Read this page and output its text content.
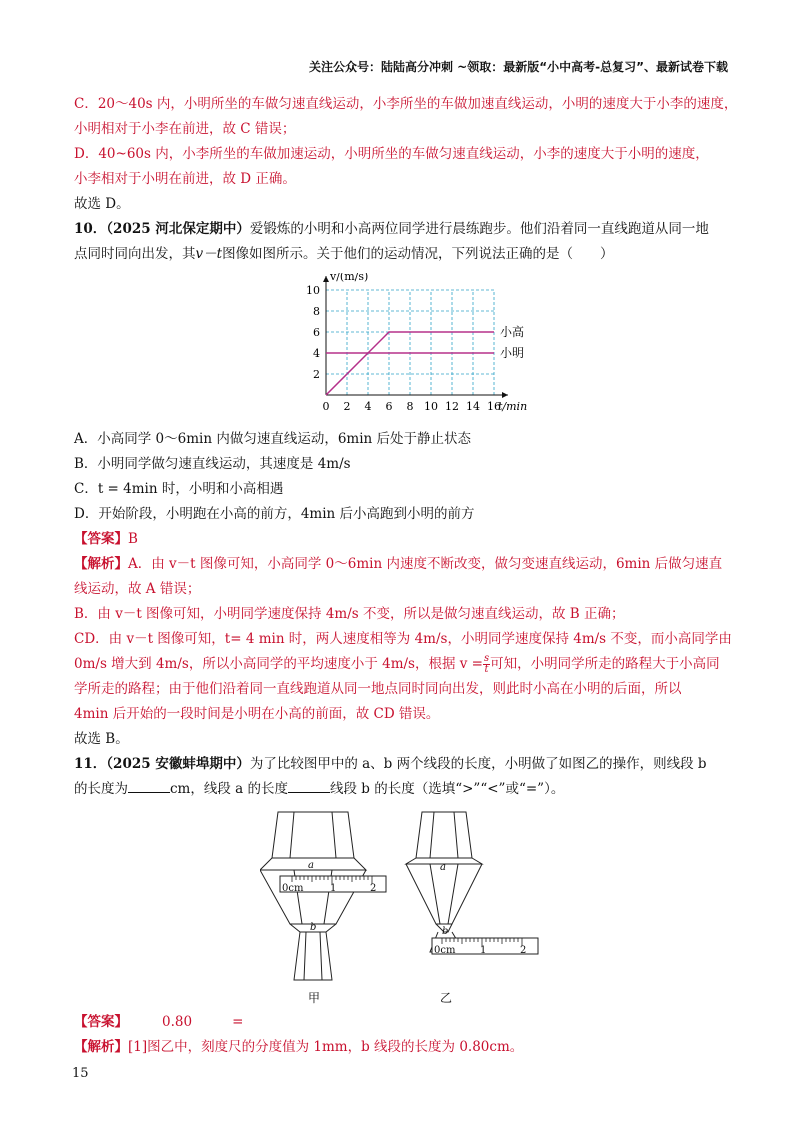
关注公众号：陆陆高分冲刺 ~领取：最新版“小中高考-总复习”、最新试卷下载
C．20～40s 内，小明所坐的车做匀速直线运动，小李所坐的车做加速直线运动，小明的速度大于小李的速度，
小明相对于小李在前进，故 C 错误；
D．40~60s 内，小李所坐的车做加速运动，小明所坐的车做匀速直线运动，小李的速度大于小明的速度，
小李相对于小明在前进，故 D 正确。
故选 D。
10．（2025 河北保定期中）爱锻炼的小明和小高两位同学进行晨练跑步。他们沿着同一直线跑道从同一地
点同时同向出发，其v－t图像如图所示。关于他们的运动情况，下列说法正确的是（　　）
0 2 4 6 8 10 12 14 16
2
4
6
8
10
t/min
v/(m/s)
小高
小明
A．小高同学 0～6min 内做匀速直线运动，6min 后处于静止状态
B．小明同学做匀速直线运动，其速度是 4m/s
C．t = 4min 时，小明和小高相遇
D．开始阶段，小明跑在小高的前方，4min 后小高跑到小明的前方
【答案】B
【解析】A．由 v－t 图像可知，小高同学 0～6min 内速度不断改变，做匀变速直线运动，6min 后做匀速直
线运动，故 A 错误；
B．由 v－t 图像可知，小明同学速度保持 4m/s 不变，所以是做匀速直线运动，故 B 正确；
CD．由 v－t 图像可知，t= 4 min 时，两人速度相等为 4m/s，小明同学速度保持 4m/s 不变，而小高同学由
0m/s 增大到 4m/s，所以小高同学的平均速度小于 4m/s，根据 $v = \frac{s}{t}$ 可知，小明同学所走的路程大于小高同
学所走的路程；由于他们沿着同一直线跑道从同一地点同时同向出发，则此时小高在小明的后面，所以
4min 后开始的一段时间是小明在小高的前面，故 CD 错误。
故选 B。
11．（2025 安徽蚌埠期中）为了比较图甲中的 a、b 两个线段的长度，小明做了如图乙的操作，则线段 b
的长度为	cm，线段 a 的长度	线段 b 的长度（选填“>”“<”或“=”）。
a
b
0cm	1	2
a
b
0cm 1	2
甲	乙
【答案】	0.80	=
【解析】[1]图乙中，刻度尺的分度值为 1mm，b 线段的长度为 0.80cm。
15
